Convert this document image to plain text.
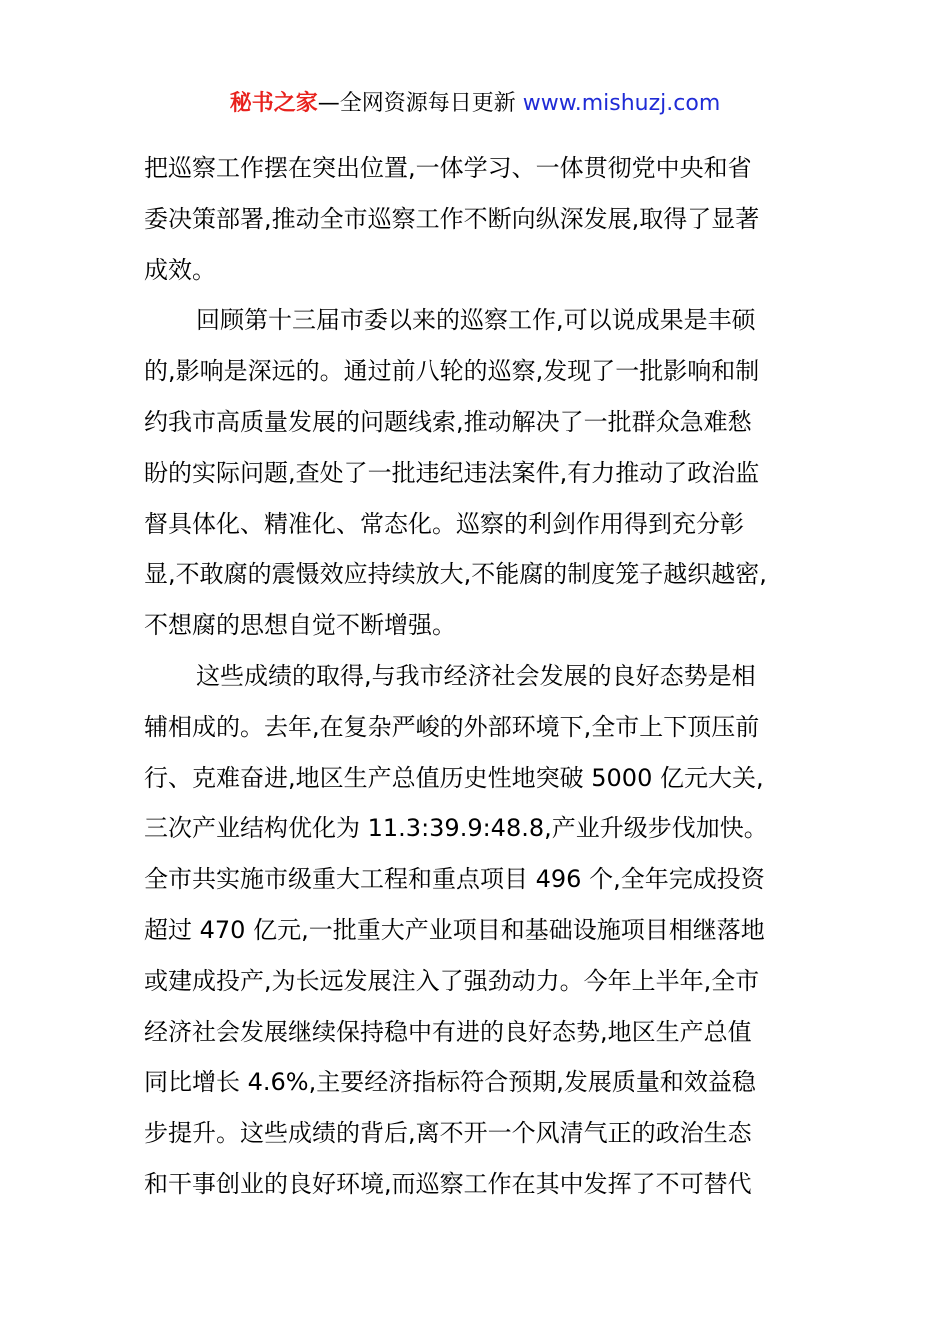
秘书之家—全网资源每日更新 www.mishuzj.com
把巡察工作摆在突出位置,一体学习、一体贯彻党中央和省
委决策部署,推动全市巡察工作不断向纵深发展,取得了显著
成效。
回顾第十三届市委以来的巡察工作,可以说成果是丰硕
的,影响是深远的。通过前八轮的巡察,发现了一批影响和制
约我市高质量发展的问题线索,推动解决了一批群众急难愁
盼的实际问题,查处了一批违纪违法案件,有力推动了政治监
督具体化、精准化、常态化。巡察的利剑作用得到充分彰
显,不敢腐的震慑效应持续放大,不能腐的制度笼子越织越密,
不想腐的思想自觉不断增强。
这些成绩的取得,与我市经济社会发展的良好态势是相
辅相成的。去年,在复杂严峻的外部环境下,全市上下顶压前
行、克难奋进,地区生产总值历史性地突破 5000 亿元大关,
三次产业结构优化为 11.3:39.9:48.8,产业升级步伐加快。
全市共实施市级重大工程和重点项目 496 个,全年完成投资
超过 470 亿元,一批重大产业项目和基础设施项目相继落地
或建成投产,为长远发展注入了强劲动力。今年上半年,全市
经济社会发展继续保持稳中有进的良好态势,地区生产总值
同比增长 4.6%,主要经济指标符合预期,发展质量和效益稳
步提升。这些成绩的背后,离不开一个风清气正的政治生态
和干事创业的良好环境,而巡察工作在其中发挥了不可替代
